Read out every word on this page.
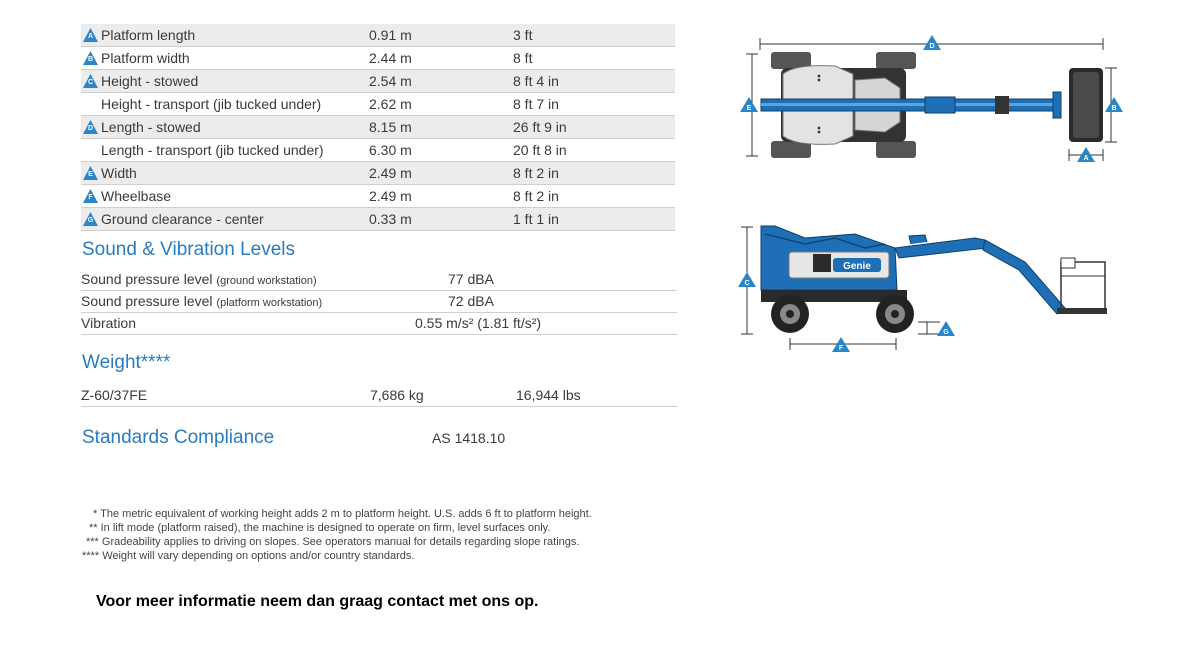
A Platform length	0.91 m	3 ft
B Platform width	2.44 m	8 ft
C Height - stowed	2.54 m	8 ft 4 in
Height - transport (jib tucked under)	2.62 m	8 ft 7 in
D Length - stowed	8.15 m	26 ft 9 in
Length - transport (jib tucked under)	6.30 m	20 ft 8 in
E Width	2.49 m	8 ft 2 in
F Wheelbase	2.49 m	8 ft 2 in
G Ground clearance - center	0.33 m	1 ft 1 in
Sound & Vibration Levels
Sound pressure level (ground workstation)	77 dBA
Sound pressure level (platform workstation)	72 dBA
Vibration	0.55 m/s² (1.81 ft/s²)
Weight****
Z-60/37FE	7,686 kg	16,944 lbs
Standards Compliance	AS 1418.10
* The metric equivalent of working height adds 2 m to platform height. U.S. adds 6 ft to platform height.
** In lift mode (platform raised), the machine is designed to operate on firm, level surfaces only.
*** Gradeability applies to driving on slopes. See operators manual for details regarding slope ratings.
**** Weight will vary depending on options and/or country standards.
Voor meer informatie neem dan graag contact met ons op.
D
E	B
A
Genie
C
F
G
